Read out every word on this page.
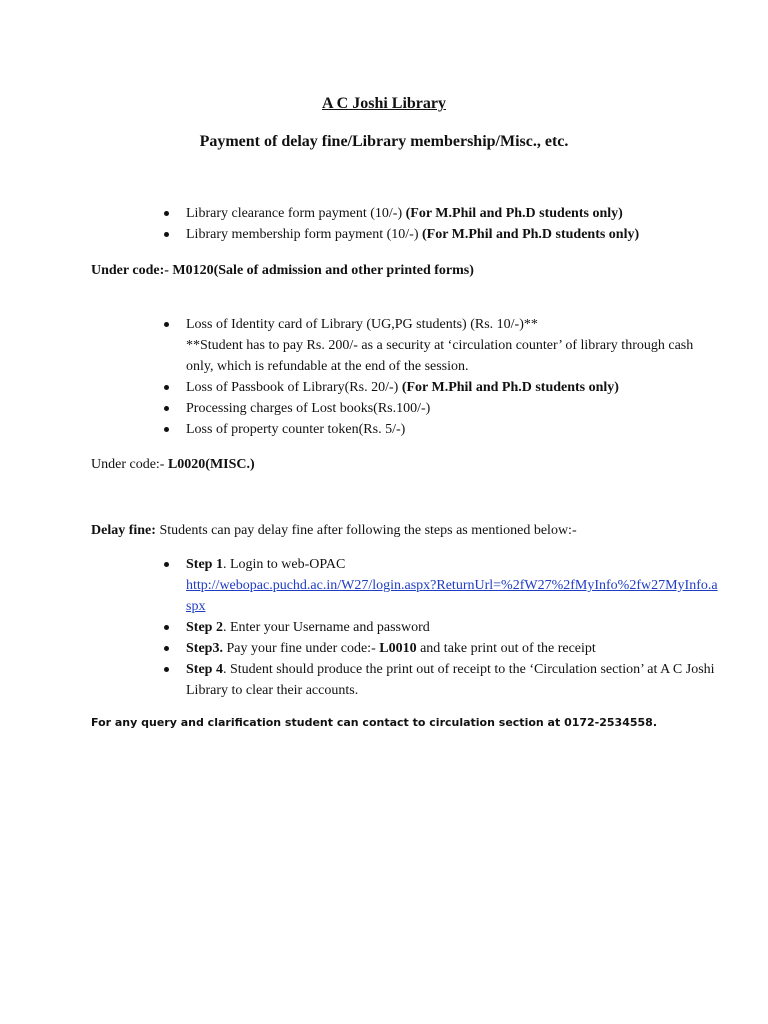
A C Joshi Library
Payment of delay fine/Library membership/Misc., etc.
Library clearance form payment (10/-) (For M.Phil and Ph.D students only)
Library membership form payment (10/-) (For M.Phil and Ph.D students only)

Under code:- M0120(Sale of admission and other printed forms)

Loss of Identity card of Library (UG,PG students) (Rs. 10/-)**
**Student has to pay Rs. 200/- as a security at ‘circulation counter’ of library through cash only, which is refundable at the end of the session.
Loss of Passbook of Library(Rs. 20/-) (For M.Phil and Ph.D students only)
Processing charges of Lost books(Rs.100/-)
Loss of property counter token(Rs. 5/-)

Under code:- L0020(MISC.)

Delay fine: Students can pay delay fine after following the steps as mentioned below:-

Step 1. Login to web-OPAC
http://webopac.puchd.ac.in/W27/login.aspx?ReturnUrl=%2fW27%2fMyInfo%2fw27MyInfo.aspx
Step 2. Enter your Username and password
Step3. Pay your fine under code:- L0010 and take print out of the receipt
Step 4. Student should produce the print out of receipt to the ‘Circulation section’ at A C Joshi Library to clear their accounts.

For any query and clarification student can contact to circulation section at 0172-2534558.
